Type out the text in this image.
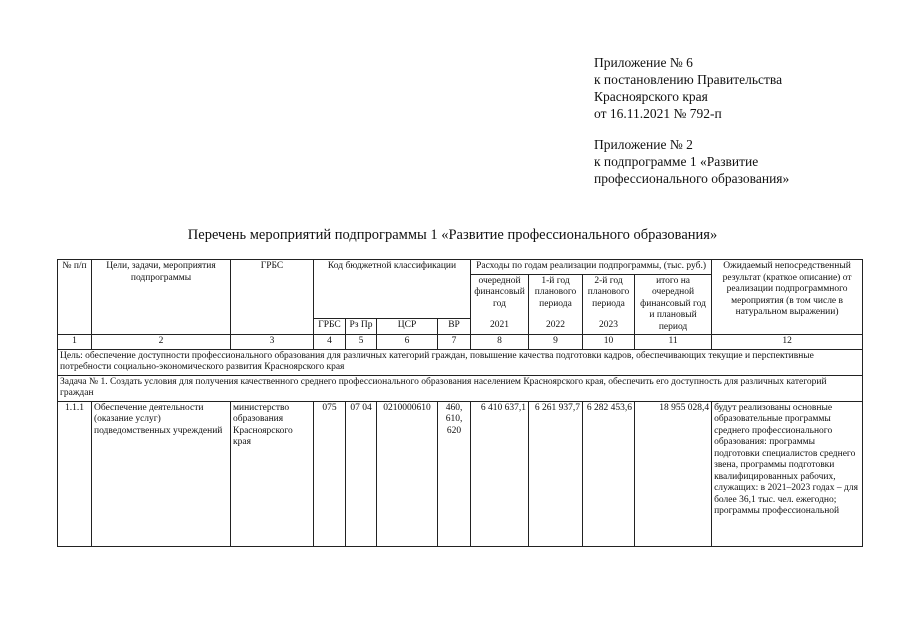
Приложение № 6
к постановлению Правительства
Красноярского края
от 16.11.2021 № 792-п
Приложение № 2
к подпрограмме 1 «Развитие
профессионального образования»
Перечень мероприятий подпрограммы 1 «Развитие профессионального образования»
№ п/п	Цели, задачи, мероприятия подпрограммы	ГРБС	Код бюджетной классификации				Расходы по годам реализации подпрограммы, (тыс. руб.)				Ожидаемый непосредственный результат (краткое описание) от реализации подпрограммного мероприятия (в том числе в натуральном выражении)
							очередной финансовый год	1-й год планового периода	2-й год планового периода	итого на очередной финансовый год и плановый период	

			ГРБС	Рз Пр	ЦСР	ВР	2021	2022	2023		
1	2	3	4	5	6	7	8	9	10	11	12
Цель: обеспечение доступности профессионального образования для различных категорий граждан, повышение качества подготовки кадров, обеспечивающих текущие и перспективные потребности социально-экономического развития Красноярского края											
Задача № 1. Создать условия для получения качественного среднего профессионального образования населением Красноярского края, обеспечить его доступность для различных категорий граждан											
1.1.1	Обеспечение деятельности (оказание услуг) подведомственных учреждений	министерство образования Красноярского края	075	07 04	0210000610	460, 610, 620	6 410 637,1	6 261 937,7	6 282 453,6	18 955 028,4	будут реализованы основные образовательные программы среднего профессионального образования: программы подготовки специалистов среднего звена, программы подготовки квалифицированных рабочих, служащих: в 2021–2023 годах – для более 36,1 тыс. чел. ежегодно; программы профессиональной
